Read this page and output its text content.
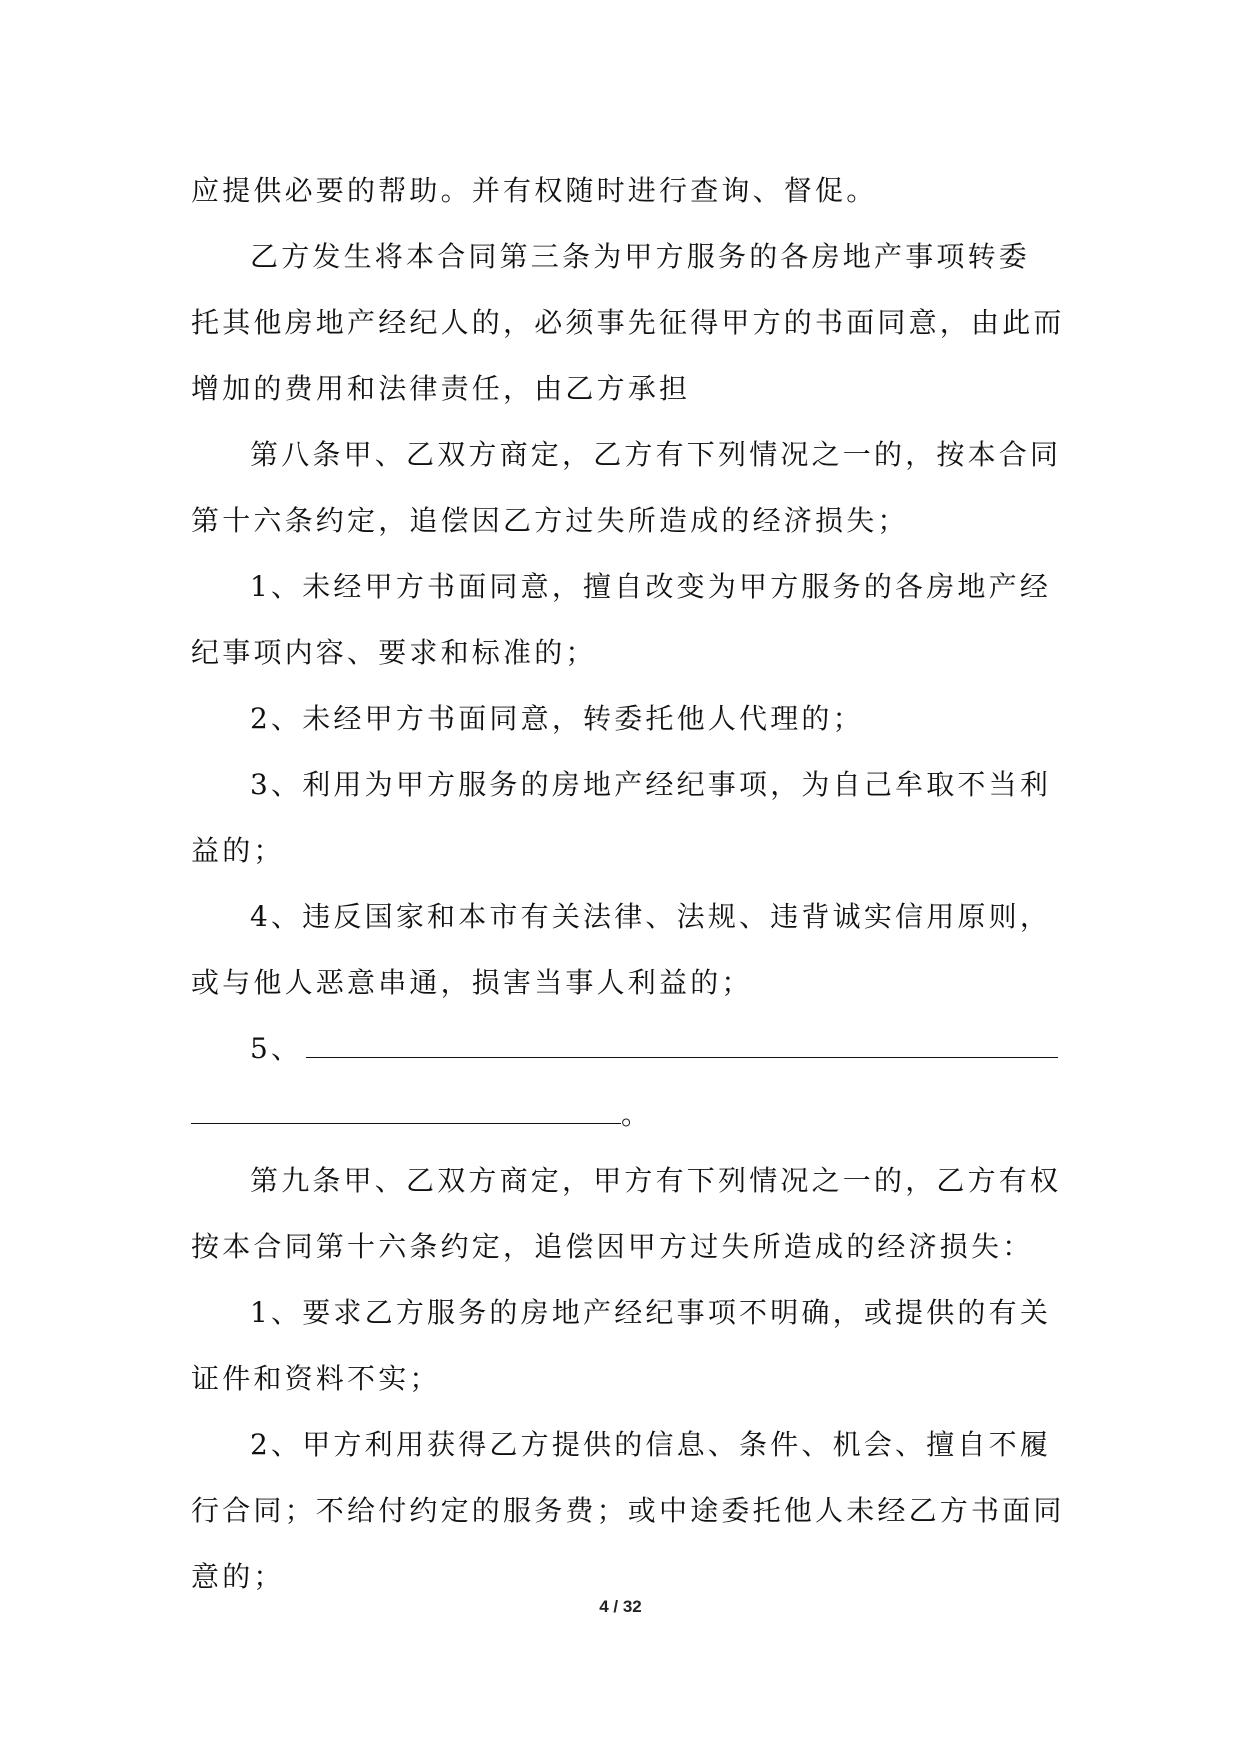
应提供必要的帮助。并有权随时进行查询、督促。
乙方发生将本合同第三条为甲方服务的各房地产事项转委
托其他房地产经纪人的，必须事先征得甲方的书面同意，由此而
增加的费用和法律责任，由乙方承担
第八条甲、乙双方商定，乙方有下列情况之一的，按本合同
第十六条约定，追偿因乙方过失所造成的经济损失；
1、未经甲方书面同意，擅自改变为甲方服务的各房地产经
纪事项内容、要求和标准的；
2、未经甲方书面同意，转委托他人代理的；
3、利用为甲方服务的房地产经纪事项，为自己牟取不当利
益的；
4、违反国家和本市有关法律、法规、违背诚实信用原则，
或与他人恶意串通，损害当事人利益的；
5、
。
第九条甲、乙双方商定，甲方有下列情况之一的，乙方有权
按本合同第十六条约定，追偿因甲方过失所造成的经济损失：
1、要求乙方服务的房地产经纪事项不明确，或提供的有关
证件和资料不实；
2、甲方利用获得乙方提供的信息、条件、机会、擅自不履
行合同；不给付约定的服务费；或中途委托他人未经乙方书面同
意的；
4 / 32
